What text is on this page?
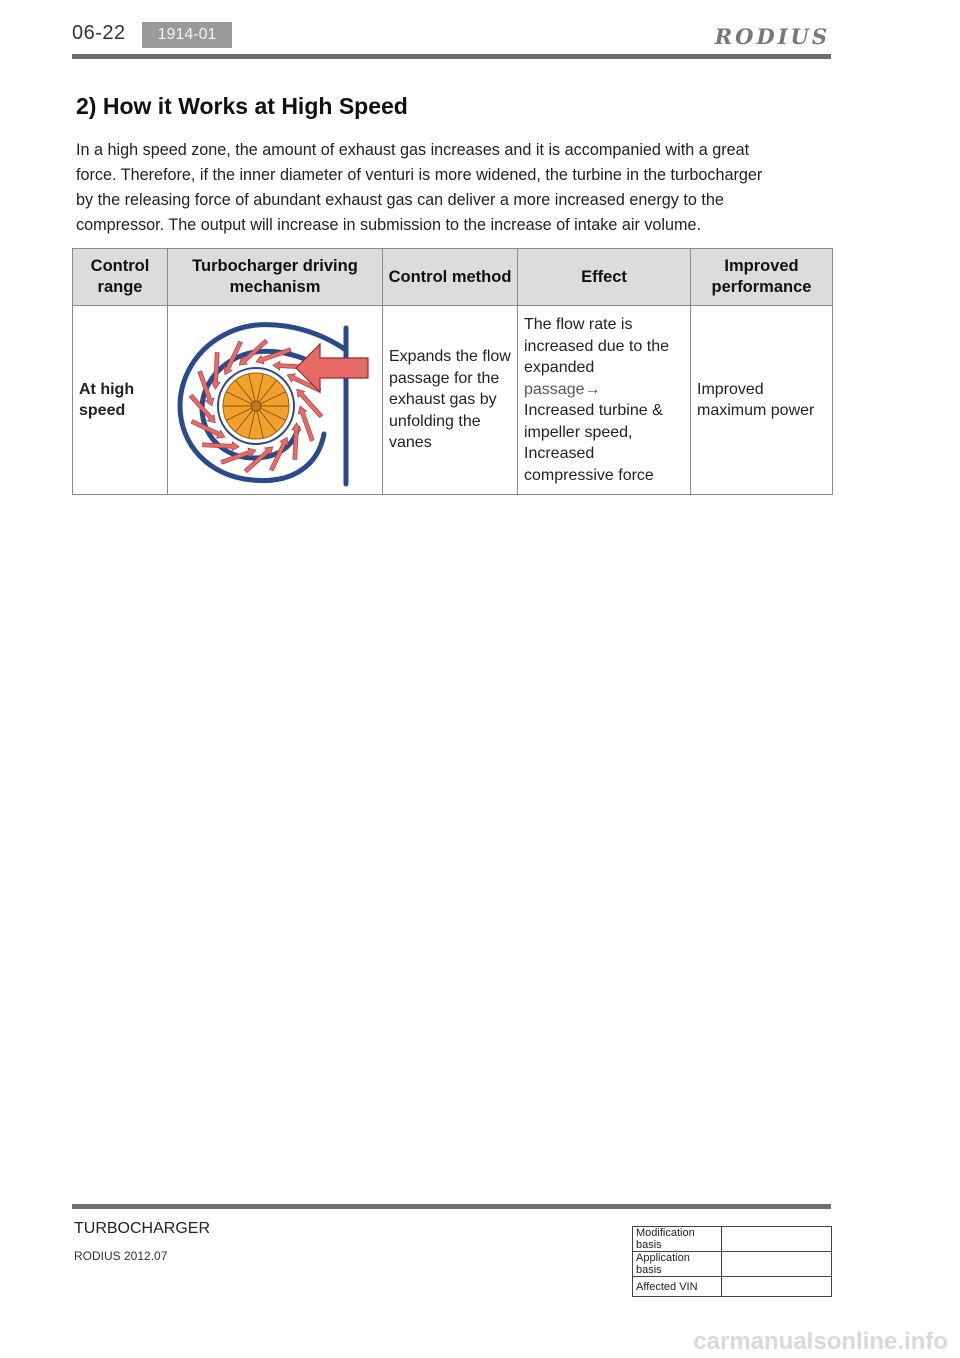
06-22	1914-01	RODIUS
2) How it Works at High Speed

In a high speed zone, the amount of exhaust gas increases and it is accompanied with a great force. Therefore, if the inner diameter of venturi is more widened, the turbine in the turbocharger by the releasing force of abundant exhaust gas can deliver a more increased energy to the compressor. The output will increase in submission to the increase of intake air volume.

Control range	Turbocharger driving mechanism	Control method	Effect	Improved performance
At high speed		Expands the flow passage for the exhaust gas by unfolding the vanes	The flow rate is increased due to the expanded
passage→
Increased turbine & impeller speed, Increased compressive force	Improved maximum power
TURBOCHARGER
RODIUS 2012.07
Modification basis	
Application basis	
Affected VIN	
carmanualsonline.info
